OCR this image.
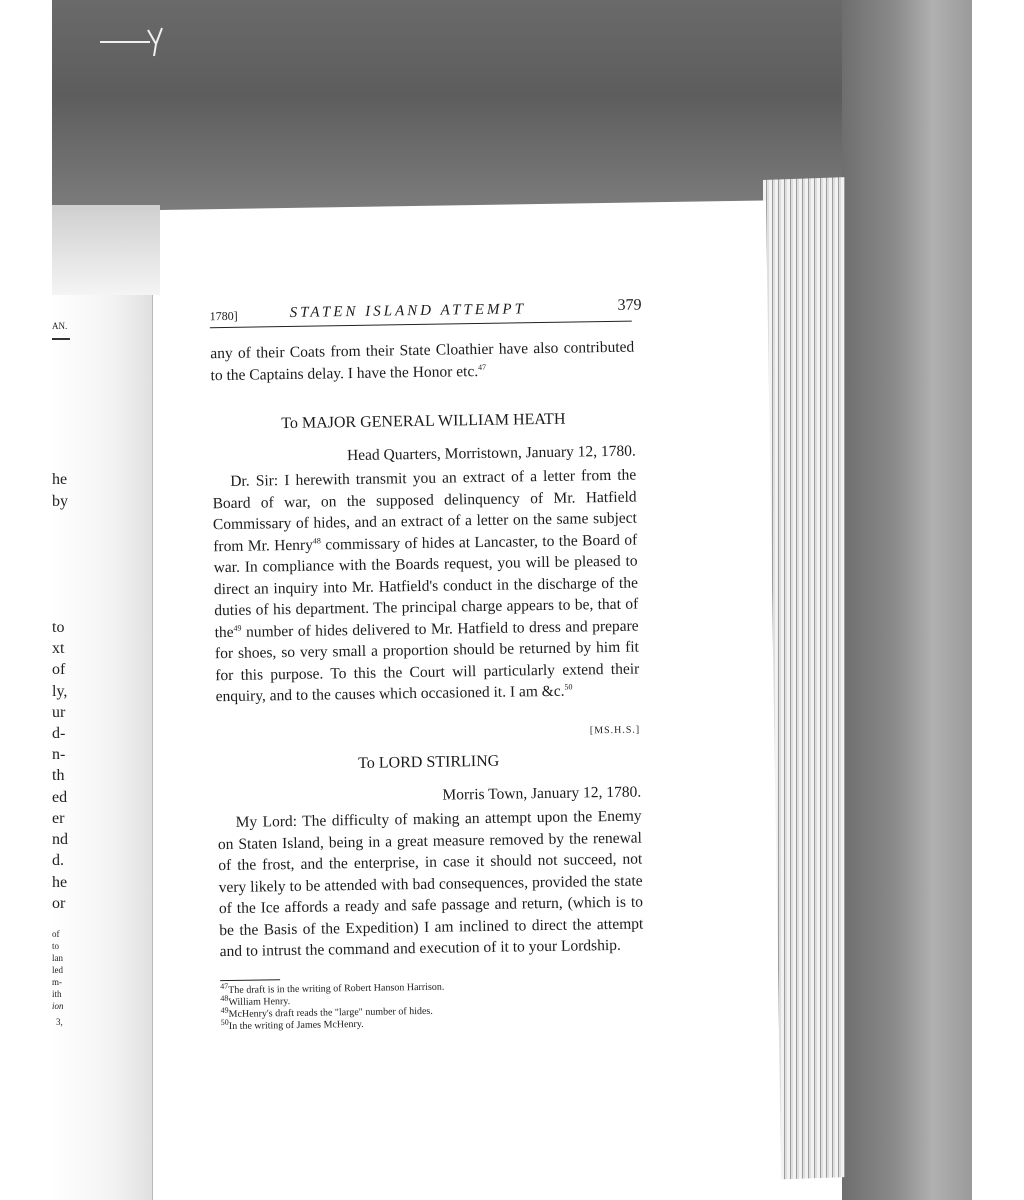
AN.
he
by
to
xt
of
ly,
ur
d-
n-
th
ed
er
nd
d.
he
or
of
to
lan
led
m-
ith
ion
3,
1780]	STATEN ISLAND ATTEMPT	379

any of their Coats from their State Cloathier have also contributed to the Captains delay. I have the Honor etc.$^{47}$

To MAJOR GENERAL WILLIAM HEATH
Head Quarters, Morristown, January 12, 1780.

Dr. Sir: I herewith transmit you an extract of a letter from the Board of war, on the supposed delinquency of Mr. Hatfield Commissary of hides, and an extract of a letter on the same subject from Mr. Henry$^{48}$ commissary of hides at Lancaster, to the Board of war. In compliance with the Boards request, you will be pleased to direct an inquiry into Mr. Hatfield's conduct in the discharge of the duties of his department. The principal charge appears to be, that of the$^{49}$ number of hides delivered to Mr. Hatfield to dress and prepare for shoes, so very small a proportion should be returned by him fit for this purpose. To this the Court will particularly extend their enquiry, and to the causes which occasioned it. I am &c.$^{50}$

[MS.H.S.]
To LORD STIRLING
Morris Town, January 12, 1780.

My Lord: The difficulty of making an attempt upon the Enemy on Staten Island, being in a great measure removed by the renewal of the frost, and the enterprise, in case it should not succeed, not very likely to be attended with bad consequences, provided the state of the Ice affords a ready and safe passage and return, (which is to be the Basis of the Expedition) I am inclined to direct the attempt and to intrust the command and execution of it to your Lordship.

$^{47}$The draft is in the writing of Robert Hanson Harrison.
$^{48}$William Henry.
$^{49}$McHenry's draft reads the "large" number of hides.
$^{50}$In the writing of James McHenry.
